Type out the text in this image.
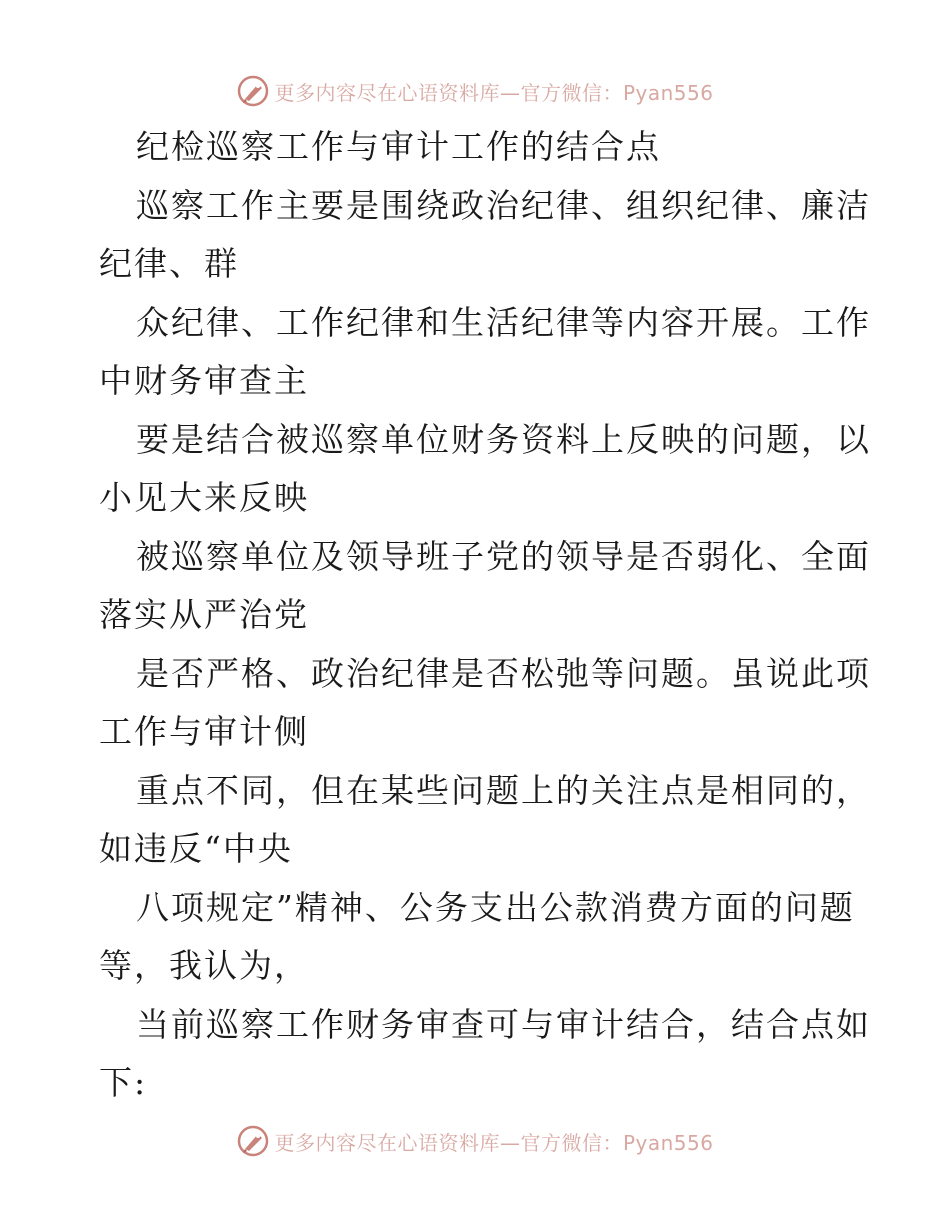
更多内容尽在心语资料库—官方微信：Pyan556
纪检巡察工作与审计工作的结合点
巡察工作主要是围绕政治纪律、组织纪律、廉洁
纪律、群
众纪律、工作纪律和生活纪律等内容开展。工作
中财务审查主
要是结合被巡察单位财务资料上反映的问题，以
小见大来反映
被巡察单位及领导班子党的领导是否弱化、全面
落实从严治党
是否严格、政治纪律是否松弛等问题。虽说此项
工作与审计侧
重点不同，但在某些问题上的关注点是相同的，
如违反“中央
八项规定”精神、公务支出公款消费方面的问题
等，我认为，
当前巡察工作财务审查可与审计结合，结合点如
下:
更多内容尽在心语资料库—官方微信：Pyan556
